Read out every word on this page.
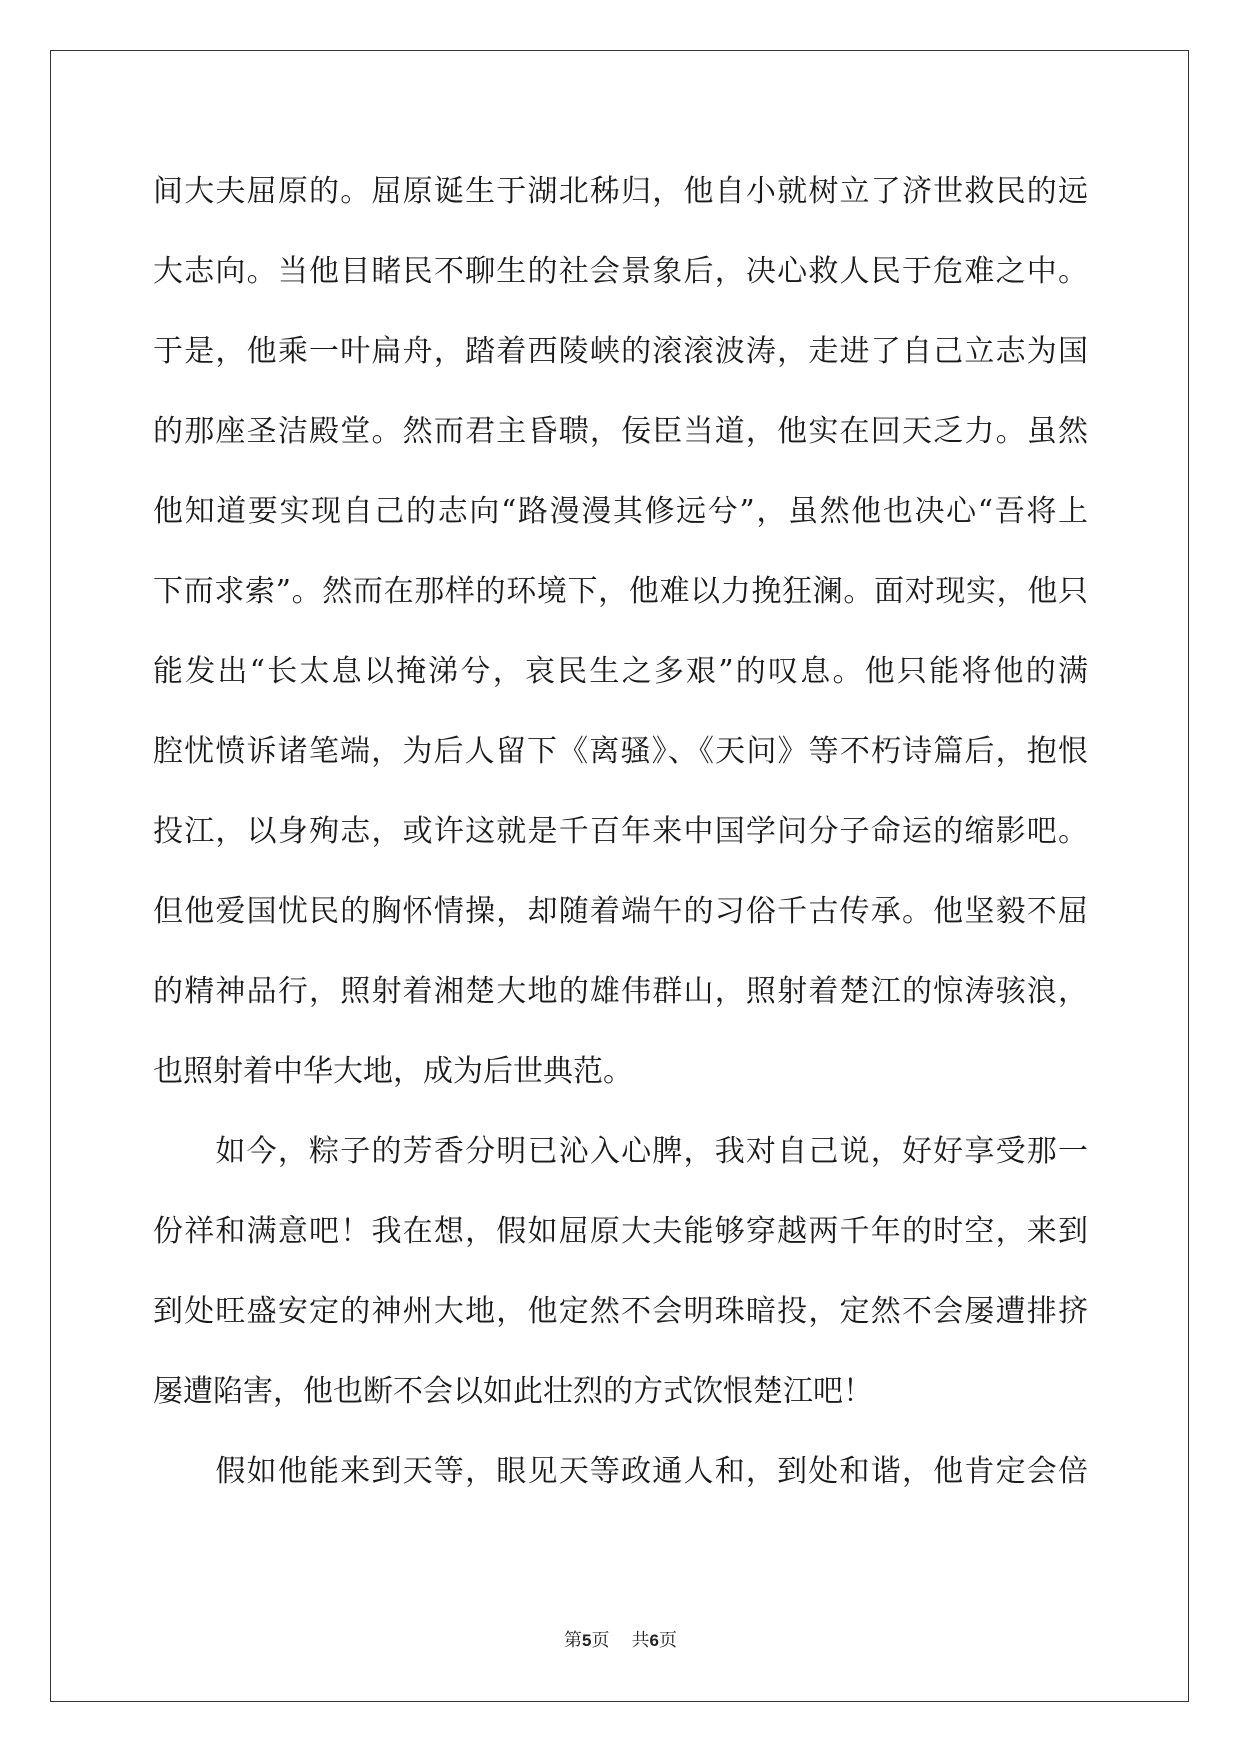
间大夫屈原的。屈原诞生于湖北秭归，他自小就树立了济世救民的远
大志向。当他目睹民不聊生的社会景象后，决心救人民于危难之中。
于是，他乘一叶扁舟，踏着西陵峡的滚滚波涛，走进了自己立志为国
的那座圣洁殿堂。然而君主昏聩，佞臣当道，他实在回天乏力。虽然
他知道要实现自己的志向“路漫漫其修远兮”，虽然他也决心“吾将上
下而求索”。然而在那样的环境下，他难以力挽狂澜。面对现实，他只
能发出“长太息以掩涕兮，哀民生之多艰”的叹息。他只能将他的满
腔忧愤诉诸笔端，为后人留下《离骚》、《天问》等不朽诗篇后，抱恨
投江，以身殉志，或许这就是千百年来中国学问分子命运的缩影吧。
但他爱国忧民的胸怀情操，却随着端午的习俗千古传承。他坚毅不屈
的精神品行，照射着湘楚大地的雄伟群山，照射着楚江的惊涛骇浪，
也照射着中华大地，成为后世典范。
　　如今，粽子的芳香分明已沁入心脾，我对自己说，好好享受那一
份祥和满意吧！我在想，假如屈原大夫能够穿越两千年的时空，来到
到处旺盛安定的神州大地，他定然不会明珠暗投，定然不会屡遭排挤
屡遭陷害，他也断不会以如此壮烈的方式饮恨楚江吧！
　　假如他能来到天等，眼见天等政通人和，到处和谐，他肯定会倍
第5页 共6页
